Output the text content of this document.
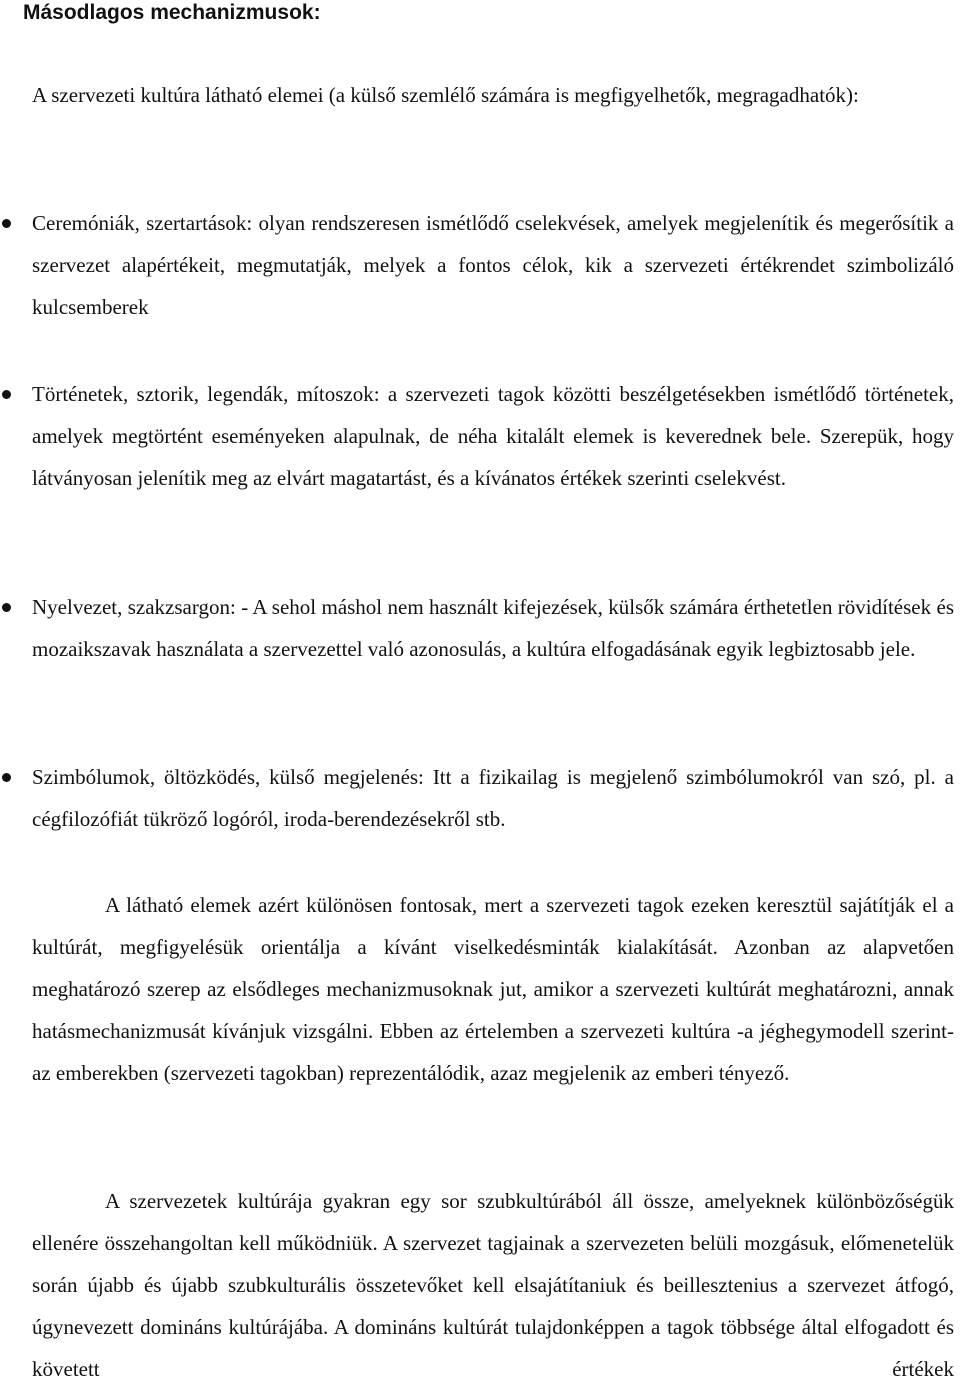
Másodlagos mechanizmusok:

A szervezeti kultúra látható elemei (a külső szemlélő számára is megfigyelhetők, megragadhatók):

Ceremóniák, szertartások: olyan rendszeresen ismétlődő cselekvések, amelyek megjelenítik és megerősítik a szervezet alapértékeit, megmutatják, melyek a fontos célok, kik a szervezeti értékrendet szimbolizáló kulcsemberek

Történetek, sztorik, legendák, mítoszok: a szervezeti tagok közötti beszélgetésekben ismétlődő történetek, amelyek megtörtént eseményeken alapulnak, de néha kitalált elemek is keverednek bele. Szerepük, hogy látványosan jelenítik meg az elvárt magatartást, és a kívánatos értékek szerinti cselekvést.

Nyelvezet, szakzsargon: - A sehol máshol nem használt kifejezések, külsők számára érthetetlen rövidítések és mozaikszavak használata a szervezettel való azonosulás, a kultúra elfogadásának egyik legbiztosabb jele.

Szimbólumok, öltözködés, külső megjelenés: Itt a fizikailag is megjelenő szimbólumokról van szó, pl. a cégfilozófiát tükröző logóról, iroda-berendezésekről stb.

A látható elemek azért különösen fontosak, mert a szervezeti tagok ezeken keresztül sajátítják el a kultúrát, megfigyelésük orientálja a kívánt viselkedésminták kialakítását. Azonban az alapvetően meghatározó szerep az elsődleges mechanizmusoknak jut, amikor a szervezeti kultúrát meghatározni, annak hatásmechanizmusát kívánjuk vizsgálni. Ebben az értelemben a szervezeti kultúra -a jéghegymodell szerint- az emberekben (szervezeti tagokban) reprezentálódik, azaz megjelenik az emberi tényező.

A szervezetek kultúrája gyakran egy sor szubkultúrából áll össze, amelyeknek különbözőségük ellenére összehangoltan kell működniük. A szervezet tagjainak a szervezeten belüli mozgásuk, előmenetelük során újabb és újabb szubkulturális összetevőket kell elsajátítaniuk és beillesztenius a szervezet átfogó, úgynevezett domináns kultúrájába. A domináns kultúrát tulajdonképpen a tagok többsége által elfogadott és követett értékek
